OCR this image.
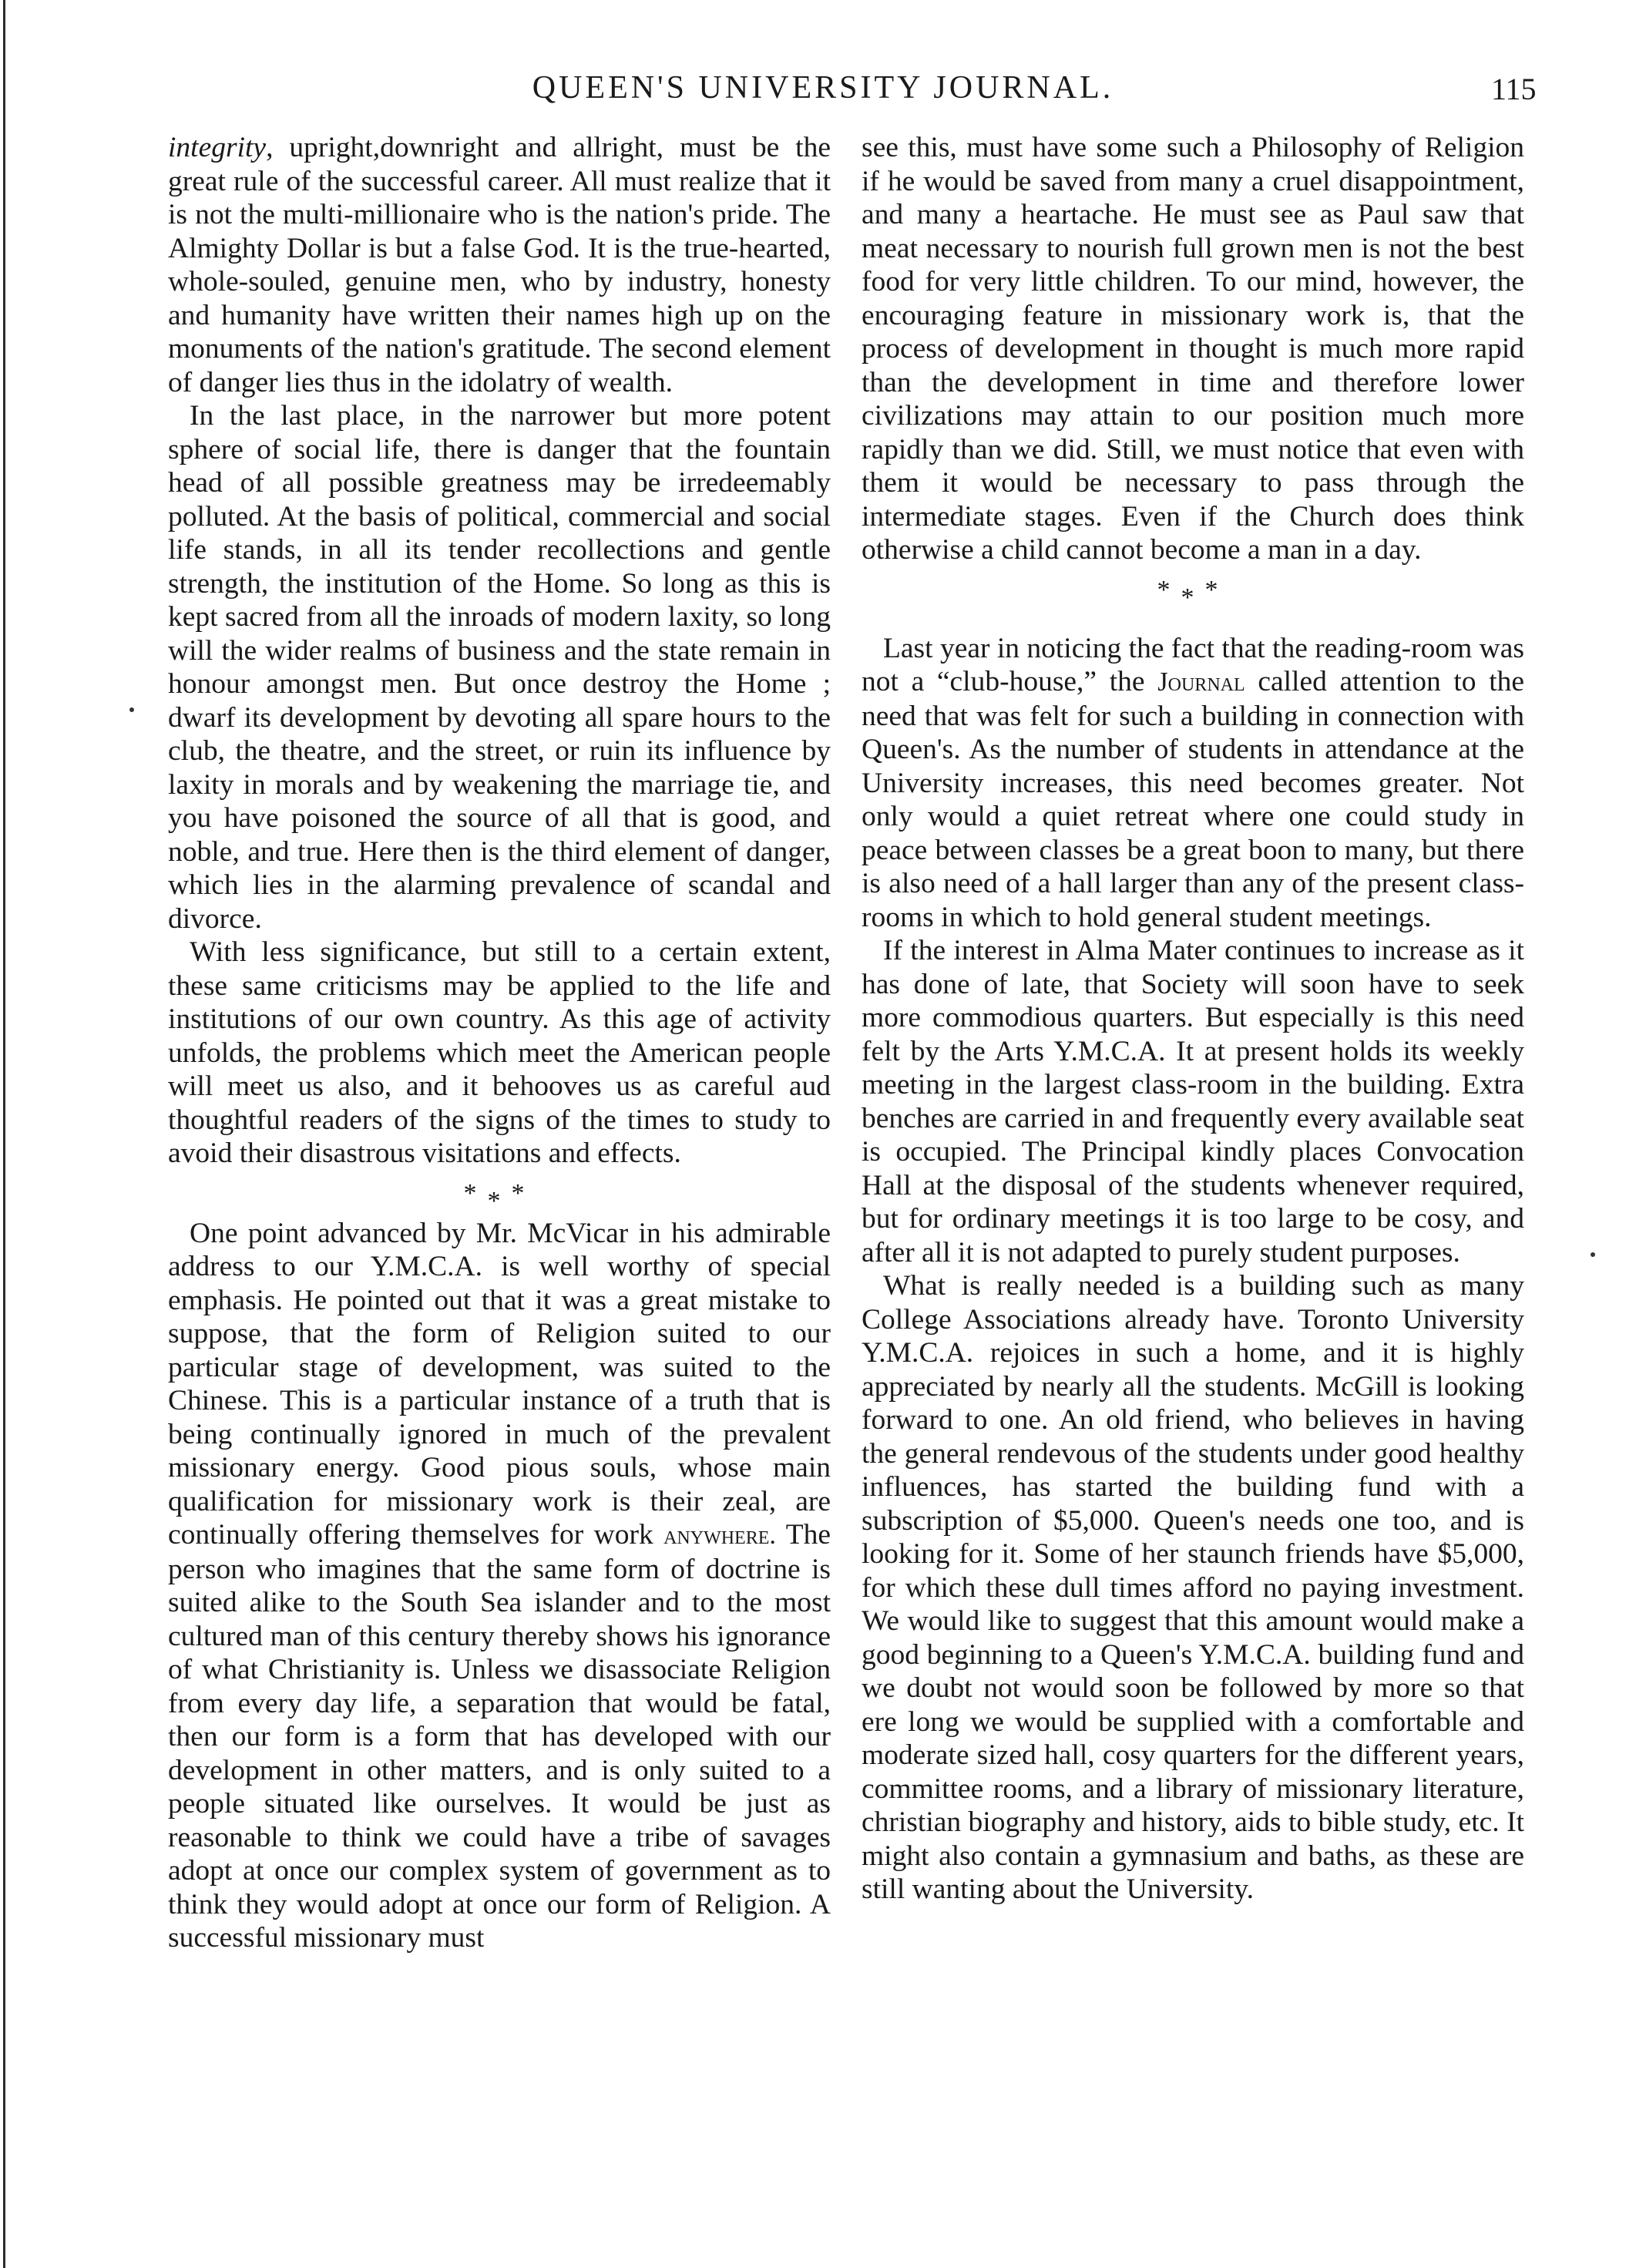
QUEEN'S UNIVERSITY JOURNAL.	115

integrity, upright,downright and allright, must be the great rule of the successful career. All must realize that it is not the multi-millionaire who is the nation's pride. The Almighty Dollar is but a false God. It is the true-hearted, whole-souled, genuine men, who by industry, honesty and humanity have written their names high up on the monuments of the nation's gratitude. The second element of danger lies thus in the idolatry of wealth.

In the last place, in the narrower but more potent sphere of social life, there is danger that the fountain head of all possible greatness may be irredeemably polluted. At the basis of political, commercial and social life stands, in all its tender recollections and gentle strength, the institution of the Home. So long as this is kept sacred from all the inroads of modern laxity, so long will the wider realms of business and the state remain in honour amongst men. But once destroy the Home ; dwarf its development by devoting all spare hours to the club, the theatre, and the street, or ruin its influence by laxity in morals and by weakening the marriage tie, and you have poisoned the source of all that is good, and noble, and true. Here then is the third element of danger, which lies in the alarming prevalence of scandal and divorce.

With less significance, but still to a certain extent, these same criticisms may be applied to the life and institutions of our own country. As this age of activity unfolds, the problems which meet the American people will meet us also, and it behooves us as careful aud thoughtful readers of the signs of the times to study to avoid their disastrous visitations and effects.

***

One point advanced by Mr. McVicar in his admirable address to our Y.M.C.A. is well worthy of special emphasis. He pointed out that it was a great mistake to suppose, that the form of Religion suited to our particular stage of development, was suited to the Chinese. This is a particular instance of a truth that is being continually ignored in much of the prevalent missionary energy. Good pious souls, whose main qualification for missionary work is their zeal, are continually offering themselves for work anywhere. The person who imagines that the same form of doctrine is suited alike to the South Sea islander and to the most cultured man of this century thereby shows his ignorance of what Christianity is. Unless we disassociate Religion from every day life, a separation that would be fatal, then our form is a form that has developed with our development in other matters, and is only suited to a people situated like ourselves. It would be just as reasonable to think we could have a tribe of savages adopt at once our complex system of government as to think they would adopt at once our form of Religion. A successful missionary must

see this, must have some such a Philosophy of Religion if he would be saved from many a cruel disappointment, and many a heartache. He must see as Paul saw that meat necessary to nourish full grown men is not the best food for very little children. To our mind, however, the encouraging feature in missionary work is, that the process of development in thought is much more rapid than the development in time and therefore lower civilizations may attain to our position much more rapidly than we did. Still, we must notice that even with them it would be necessary to pass through the intermediate stages. Even if the Church does think otherwise a child cannot become a man in a day.

***

Last year in noticing the fact that the reading-room was not a “club-house,” the Journal called attention to the need that was felt for such a building in connection with Queen's. As the number of students in attendance at the University increases, this need becomes greater. Not only would a quiet retreat where one could study in peace between classes be a great boon to many, but there is also need of a hall larger than any of the present class-rooms in which to hold general student meetings.

If the interest in Alma Mater continues to increase as it has done of late, that Society will soon have to seek more commodious quarters. But especially is this need felt by the Arts Y.M.C.A. It at present holds its weekly meeting in the largest class-room in the building. Extra benches are carried in and frequently every available seat is occupied. The Principal kindly places Convocation Hall at the disposal of the students whenever required, but for ordinary meetings it is too large to be cosy, and after all it is not adapted to purely student purposes.

What is really needed is a building such as many College Associations already have. Toronto University Y.M.C.A. rejoices in such a home, and it is highly appreciated by nearly all the students. McGill is looking forward to one. An old friend, who believes in having the general rendevous of the students under good healthy influences, has started the building fund with a subscription of $5,000. Queen's needs one too, and is looking for it. Some of her staunch friends have $5,000, for which these dull times afford no paying investment. We would like to suggest that this amount would make a good beginning to a Queen's Y.M.C.A. building fund and we doubt not would soon be followed by more so that ere long we would be supplied with a comfortable and moderate sized hall, cosy quarters for the different years, committee rooms, and a library of missionary literature, christian biography and history, aids to bible study, etc. It might also contain a gymnasium and baths, as these are still wanting about the University.
